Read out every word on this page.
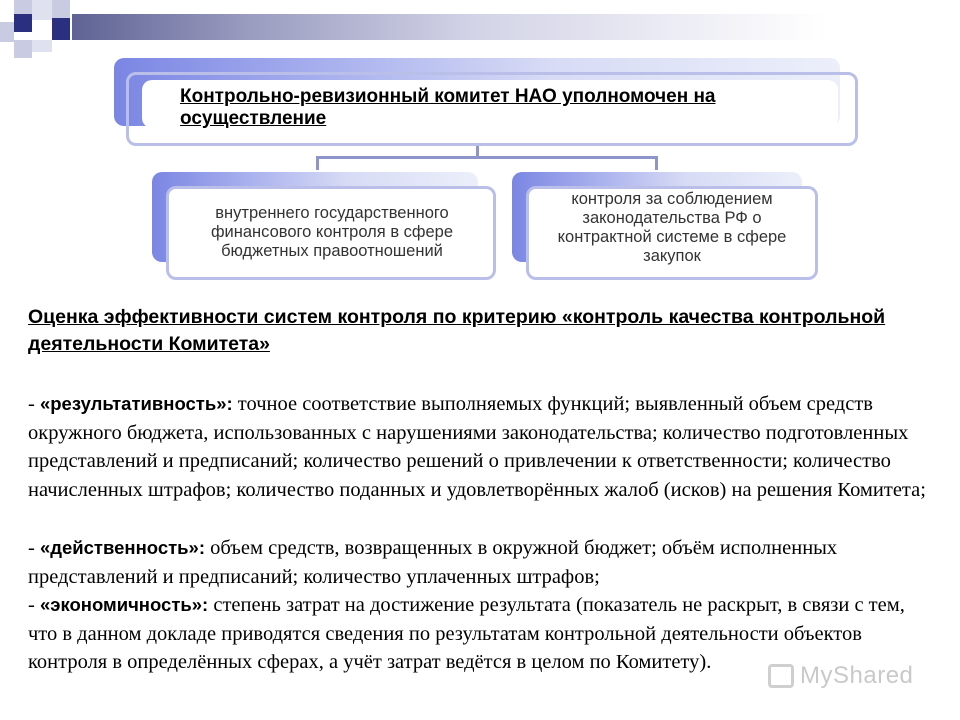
Контрольно-ревизионный комитет НАО уполномочен на осуществление
внутреннего государственного финансового контроля в сфере бюджетных правоотношений
контроля за соблюдением законодательства РФ о контрактной системе в сфере закупок
Оценка эффективности систем контроля по критерию «контроль качества контрольной деятельности Комитета»
- «результативность»: точное соответствие выполняемых функций; выявленный объем средств окружного бюджета, использованных с нарушениями законодательства; количество подготовленных представлений и предписаний; количество решений о привлечении к ответственности; количество начисленных штрафов; количество поданных и удовлетворённых жалоб (исков) на решения Комитета;
- «действенность»: объем средств, возвращенных в окружной бюджет; объём исполненных представлений и предписаний; количество уплаченных штрафов;
- «экономичность»: степень затрат на достижение результата (показатель не раскрыт, в связи с тем, что в данном докладе приводятся сведения по результатам контрольной деятельности объектов контроля в определённых сферах, а учёт затрат ведётся в целом по Комитету).	MyShared
